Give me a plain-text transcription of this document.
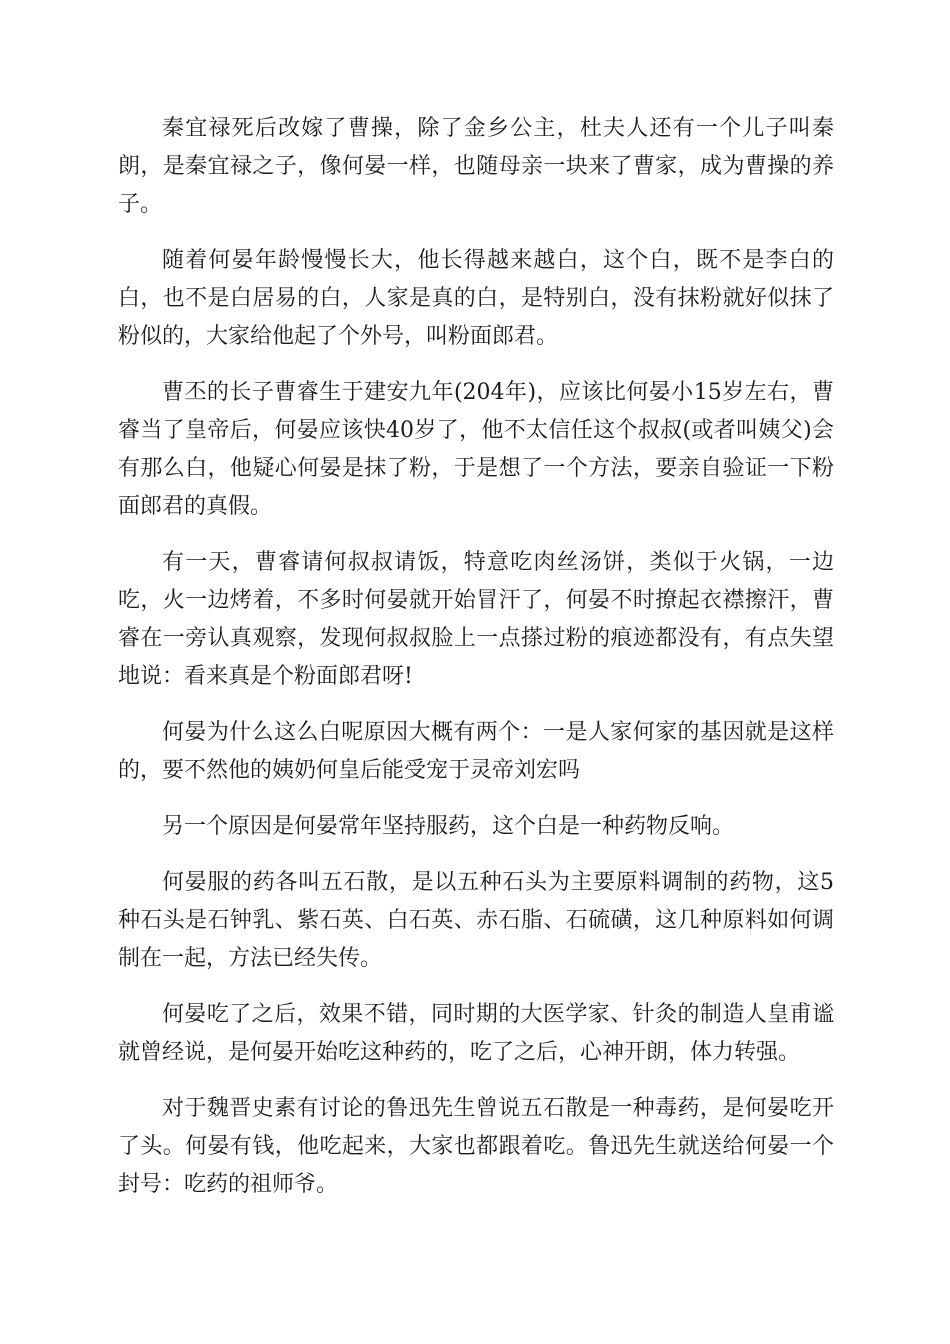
秦宜禄死后改嫁了曹操，除了金乡公主，杜夫人还有一个儿子叫秦朗，是秦宜禄之子，像何晏一样，也随母亲一块来了曹家，成为曹操的养子。

随着何晏年龄慢慢长大，他长得越来越白，这个白，既不是李白的白，也不是白居易的白，人家是真的白，是特别白，没有抹粉就好似抹了粉似的，大家给他起了个外号，叫粉面郎君。

曹丕的长子曹睿生于建安九年(204年)，应该比何晏小15岁左右，曹睿当了皇帝后，何晏应该快40岁了，他不太信任这个叔叔(或者叫姨父)会有那么白，他疑心何晏是抹了粉，于是想了一个方法，要亲自验证一下粉面郎君的真假。

有一天，曹睿请何叔叔请饭，特意吃肉丝汤饼，类似于火锅，一边吃，火一边烤着，不多时何晏就开始冒汗了，何晏不时撩起衣襟擦汗，曹睿在一旁认真观察，发现何叔叔脸上一点搽过粉的痕迹都没有，有点失望地说：看来真是个粉面郎君呀!

何晏为什么这么白呢原因大概有两个：一是人家何家的基因就是这样的，要不然他的姨奶何皇后能受宠于灵帝刘宏吗

另一个原因是何晏常年坚持服药，这个白是一种药物反响。

何晏服的药各叫五石散，是以五种石头为主要原料调制的药物，这5种石头是石钟乳、紫石英、白石英、赤石脂、石硫磺，这几种原料如何调制在一起，方法已经失传。

何晏吃了之后，效果不错，同时期的大医学家、针灸的制造人皇甫谧就曾经说，是何晏开始吃这种药的，吃了之后，心神开朗，体力转强。

对于魏晋史素有讨论的鲁迅先生曾说五石散是一种毒药，是何晏吃开了头。何晏有钱，他吃起来，大家也都跟着吃。鲁迅先生就送给何晏一个封号：吃药的祖师爷。
